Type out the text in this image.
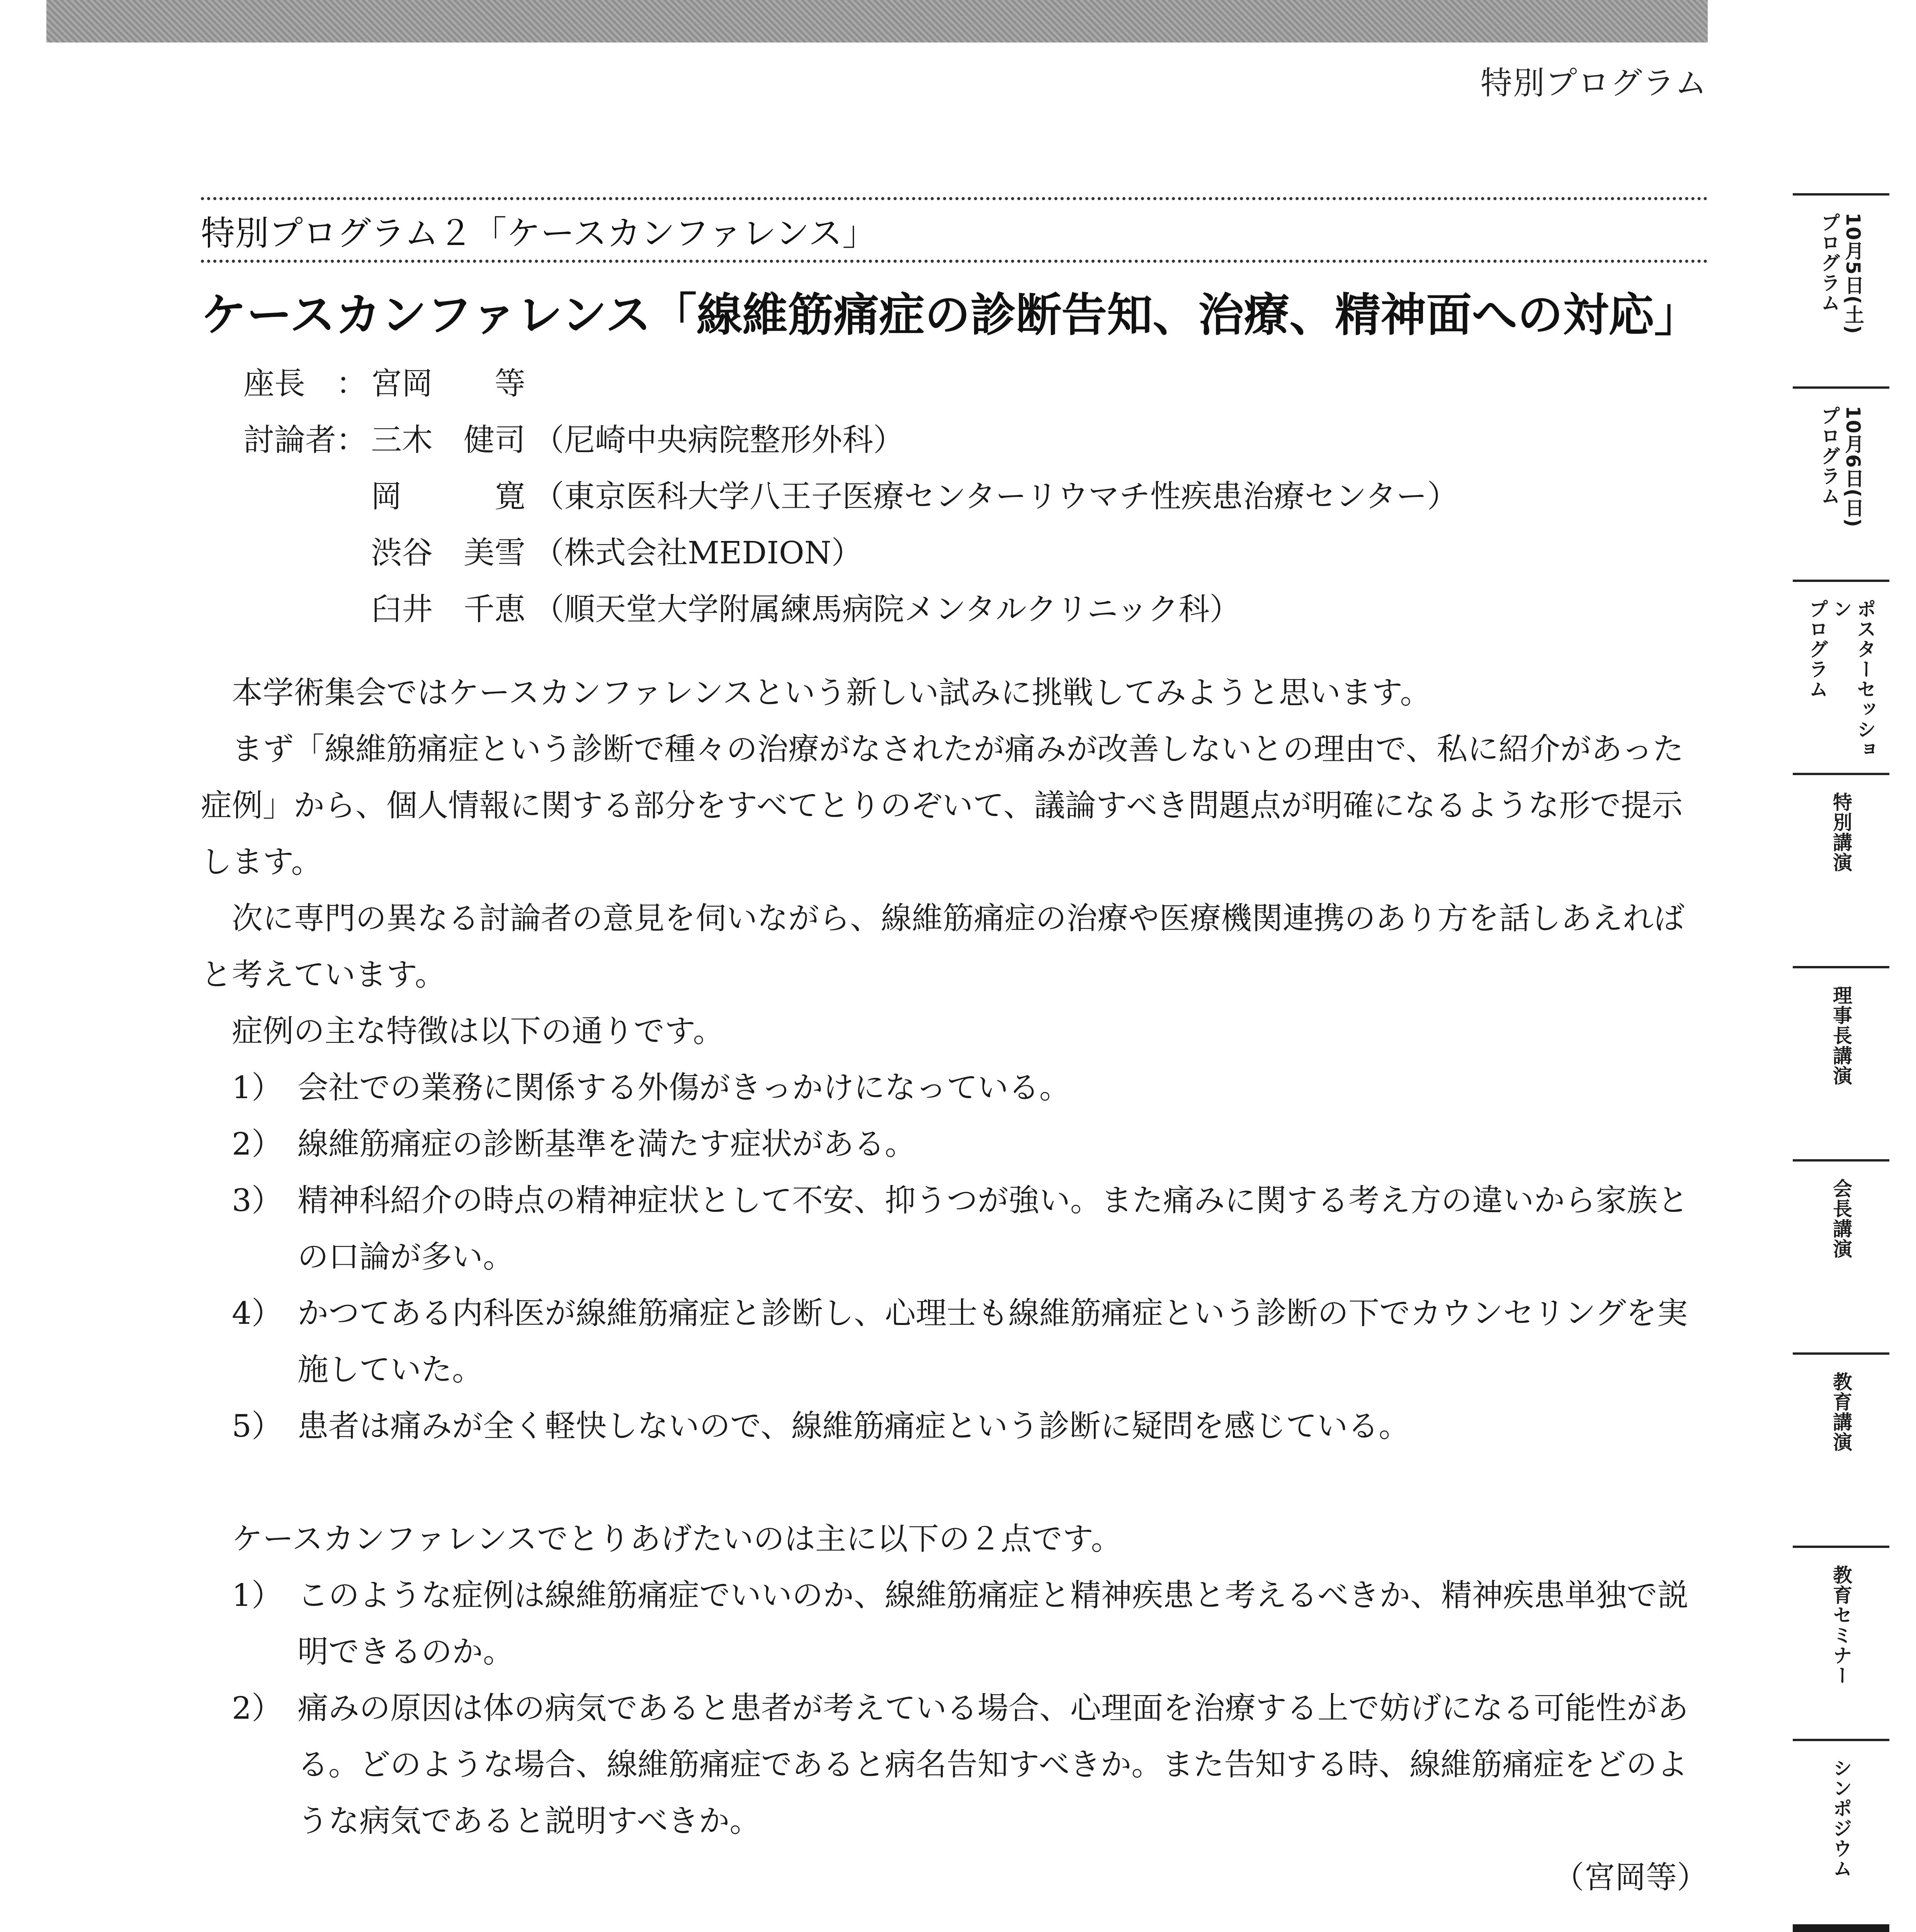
特別プログラム
特別プログラム２「ケースカンファレンス」
ケースカンファレンス「線維筋痛症の診断告知、治療、精神面への対応」
座長　： 宮岡　　等
討論者： 三木　健司 （尼崎中央病院整形外科）
岡　　　寛 （東京医科大学八王子医療センターリウマチ性疾患治療センター）
渋谷　美雪 （株式会社MEDION）
臼井　千恵 （順天堂大学附属練馬病院メンタルクリニック科）

本学術集会ではケースカンファレンスという新しい試みに挑戦してみようと思います。

まず「線維筋痛症という診断で種々の治療がなされたが痛みが改善しないとの理由で、私に紹介があった症例」から、個人情報に関する部分をすべてとりのぞいて、議論すべき問題点が明確になるような形で提示します。

次に専門の異なる討論者の意見を伺いながら、線維筋痛症の治療や医療機関連携のあり方を話しあえればと考えています。

症例の主な特徴は以下の通りです。

1） 会社での業務に関係する外傷がきっかけになっている。
2） 線維筋痛症の診断基準を満たす症状がある。
3） 精神科紹介の時点の精神症状として不安、抑うつが強い。また痛みに関する考え方の違いから家族との口論が多い。
4） かつてある内科医が線維筋痛症と診断し、心理士も線維筋痛症という診断の下でカウンセリングを実施していた。
5） 患者は痛みが全く軽快しないので、線維筋痛症という診断に疑問を感じている。

ケースカンファレンスでとりあげたいのは主に以下の２点です。

1） このような症例は線維筋痛症でいいのか、線維筋痛症と精神疾患と考えるべきか、精神疾患単独で説明できるのか。
2） 痛みの原因は体の病気であると患者が考えている場合、心理面を治療する上で妨げになる可能性がある。どのような場合、線維筋痛症であると病名告知すべきか。また告知する時、線維筋痛症をどのような病気であると説明すべきか。

（宮岡等）

10月5日(土)
プログラム
10月6日(日)
プログラム
ポスターセッション
プログラム
特別講演
理事長講演
会長講演
教育講演
教育セミナー
シンポジウム
